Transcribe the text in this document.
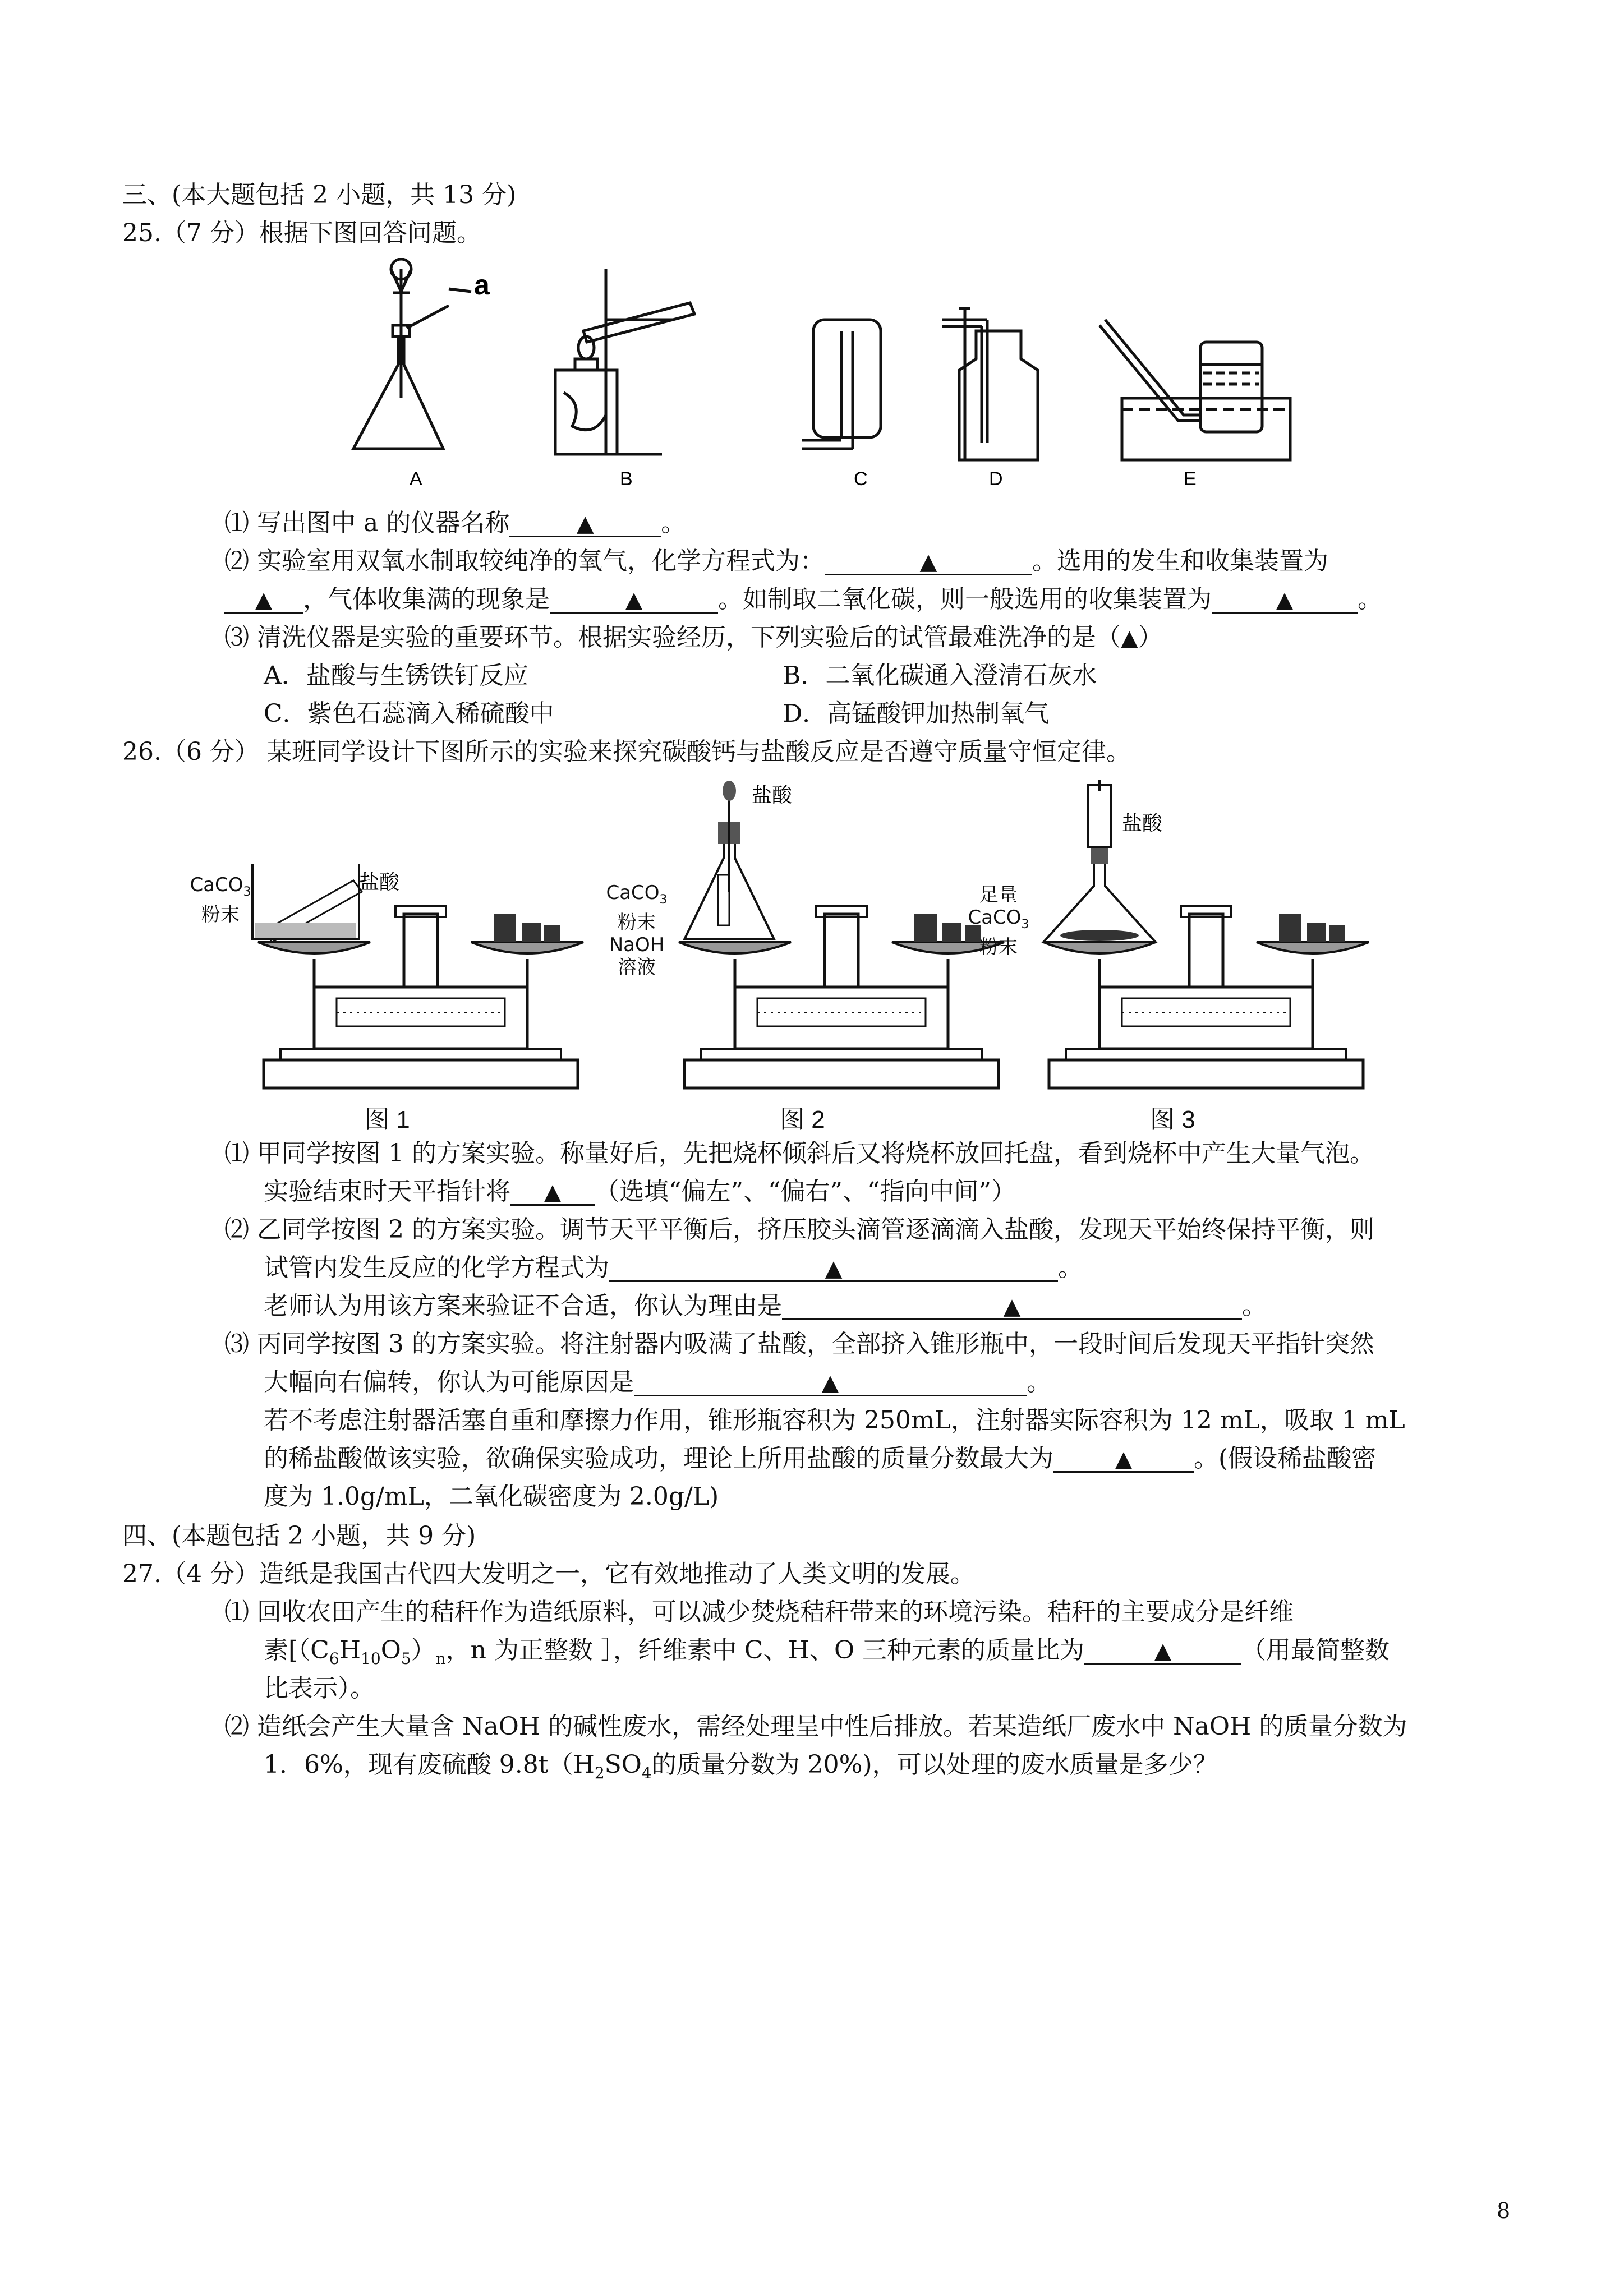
三、(本大题包括 2 小题，共 13 分)
25.（7 分）根据下图回答问题。
a
A	B	C	D	E
⑴ 写出图中 a 的仪器名称	▲	。
⑵ 实验室用双氧水制取较纯净的氧气，化学方程式为：	▲	。选用的发生和收集装置为
▲ ，气体收集满的现象是	▲	。如制取二氧化碳，则一般选用的收集装置为	▲	。
⑶ 清洗仪器是实验的重要环节。根据实验经历，下列实验后的试管最难洗净的是（▲）
A．盐酸与生锈铁钉反应	B．二氧化碳通入澄清石灰水
C．紫色石蕊滴入稀硫酸中	D．高锰酸钾加热制氧气
26.（6 分） 某班同学设计下图所示的实验来探究碳酸钙与盐酸反应是否遵守质量守恒定律。
盐酸
盐酸
盐酸
CaCO$_3$
粉末
CaCO$_3$
粉末
NaOH
溶液
足量
CaCO$_3$
粉末
图 1	图 2	图 3
⑴ 甲同学按图 1 的方案实验。称量好后，先把烧杯倾斜后又将烧杯放回托盘，看到烧杯中产生大量气泡。
实验结束时天平指针将 ▲ （选填“偏左”、“偏右”、“指向中间”）
⑵ 乙同学按图 2 的方案实验。调节天平平衡后，挤压胶头滴管逐滴滴入盐酸，发现天平始终保持平衡，则
试管内发生反应的化学方程式为	▲	。
老师认为用该方案来验证不合适，你认为理由是	▲	。
⑶ 丙同学按图 3 的方案实验。将注射器内吸满了盐酸，全部挤入锥形瓶中，一段时间后发现天平指针突然
大幅向右偏转，你认为可能原因是	▲	。
若不考虑注射器活塞自重和摩擦力作用，锥形瓶容积为 250mL，注射器实际容积为 12 mL，吸取 1 mL
的稀盐酸做该实验，欲确保实验成功，理论上所用盐酸的质量分数最大为	▲ 。(假设稀盐酸密
度为 1.0g/mL，二氧化碳密度为 2.0g/L)
四、(本题包括 2 小题，共 9 分)
27.（4 分）造纸是我国古代四大发明之一，它有效地推动了人类文明的发展。
⑴ 回收农田产生的秸秆作为造纸原料，可以减少焚烧秸秆带来的环境污染。秸秆的主要成分是纤维
素[$(C_6H_{10}O_5)_n$，n 为正整数 ］，纤维素中 C、H、O 三种元素的质量比为	▲	（用最简整数
比表示）。
⑵ 造纸会产生大量含 NaOH 的碱性废水，需经处理呈中性后排放。若某造纸厂废水中 NaOH 的质量分数为
1．6%，现有废硫酸 $9.8t(H_2SO_4$的质量分数为 20%)，可以处理的废水质量是多少？
8
